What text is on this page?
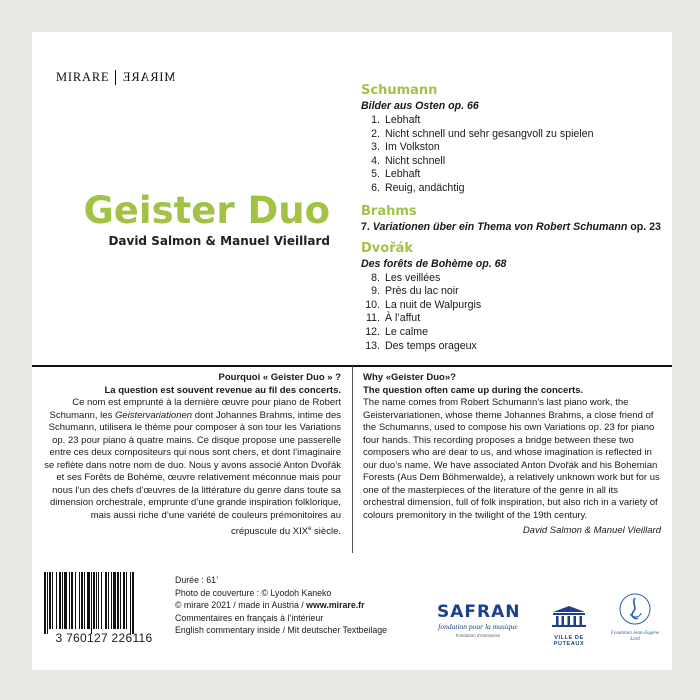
MIRARE MIRARE
Geister Duo
David Salmon & Manuel Vieillard
Schumann
Bilder aus Osten op. 66
1. Lebhaft
2. Nicht schnell und sehr gesangvoll zu spielen
3. Im Volkston
4. Nicht schnell
5. Lebhaft
6. Reuig, andächtig
Brahms
7. Variationen über ein Thema von Robert Schumann op. 23
Dvořák
Des forêts de Bohème op. 68
8. Les veillées
9. Près du lac noir
10. La nuit de Walpurgis
11. À l’affut
12. Le calme
13. Des temps orageux
Pourquoi « Geister Duo » ?
La question est souvent revenue au fil des concerts.
Ce nom est emprunté à la dernière œuvre pour piano de Robert Schumann, les Geistervariationen dont Johannes Brahms, intime des Schumann, utilisera le thème pour composer à son tour les Variations op. 23 pour piano à quatre mains. Ce disque propose une passerelle entre ces deux compositeurs qui nous sont chers, et dont l’imaginaire se reflète dans notre nom de duo. Nous y avons associé Anton Dvořák et ses Forêts de Bohème, œuvre relativement méconnue mais pour nous l’un des chefs d’œuvres de la littérature du genre dans toute sa dimension orchestrale, emprunte d’une grande inspiration folklorique, mais aussi riche d’une variété de couleurs prémonitoires au crépuscule du XIXe siècle.
Why «Geister Duo»?
The question often came up during the concerts.
The name comes from Robert Schumann’s last piano work, the Geistervariationen, whose theme Johannes Brahms, a close friend of the Schumanns, used to compose his own Variations op. 23 for piano four hands. This recording proposes a bridge between these two composers who are dear to us, and whose imagination is reflected in our duo’s name. We have associated Anton Dvořák and his Bohemian Forests (Aus Dem Böhmerwalde), a relatively unknown work but for us one of the masterpieces of the literature of the genre in all its orchestral dimension, full of folk inspiration, but also rich in a variety of colours premonitory in the twilight of the 19th century.
David Salmon & Manuel Vieillard
3 760127 226116
Durée : 61’
Photo de couverture : © Lyodoh Kaneko
© mirare 2021 / made in Austria / www.mirare.fr
Commentaires en français à l’intérieur
English commentary inside / Mit deutscher Textbeilage
SAFRAN
fondation pour la musique
Fondation d'entreprise	VILLE DE PUTEAUX
Fondation Jean-Eugène Lord
